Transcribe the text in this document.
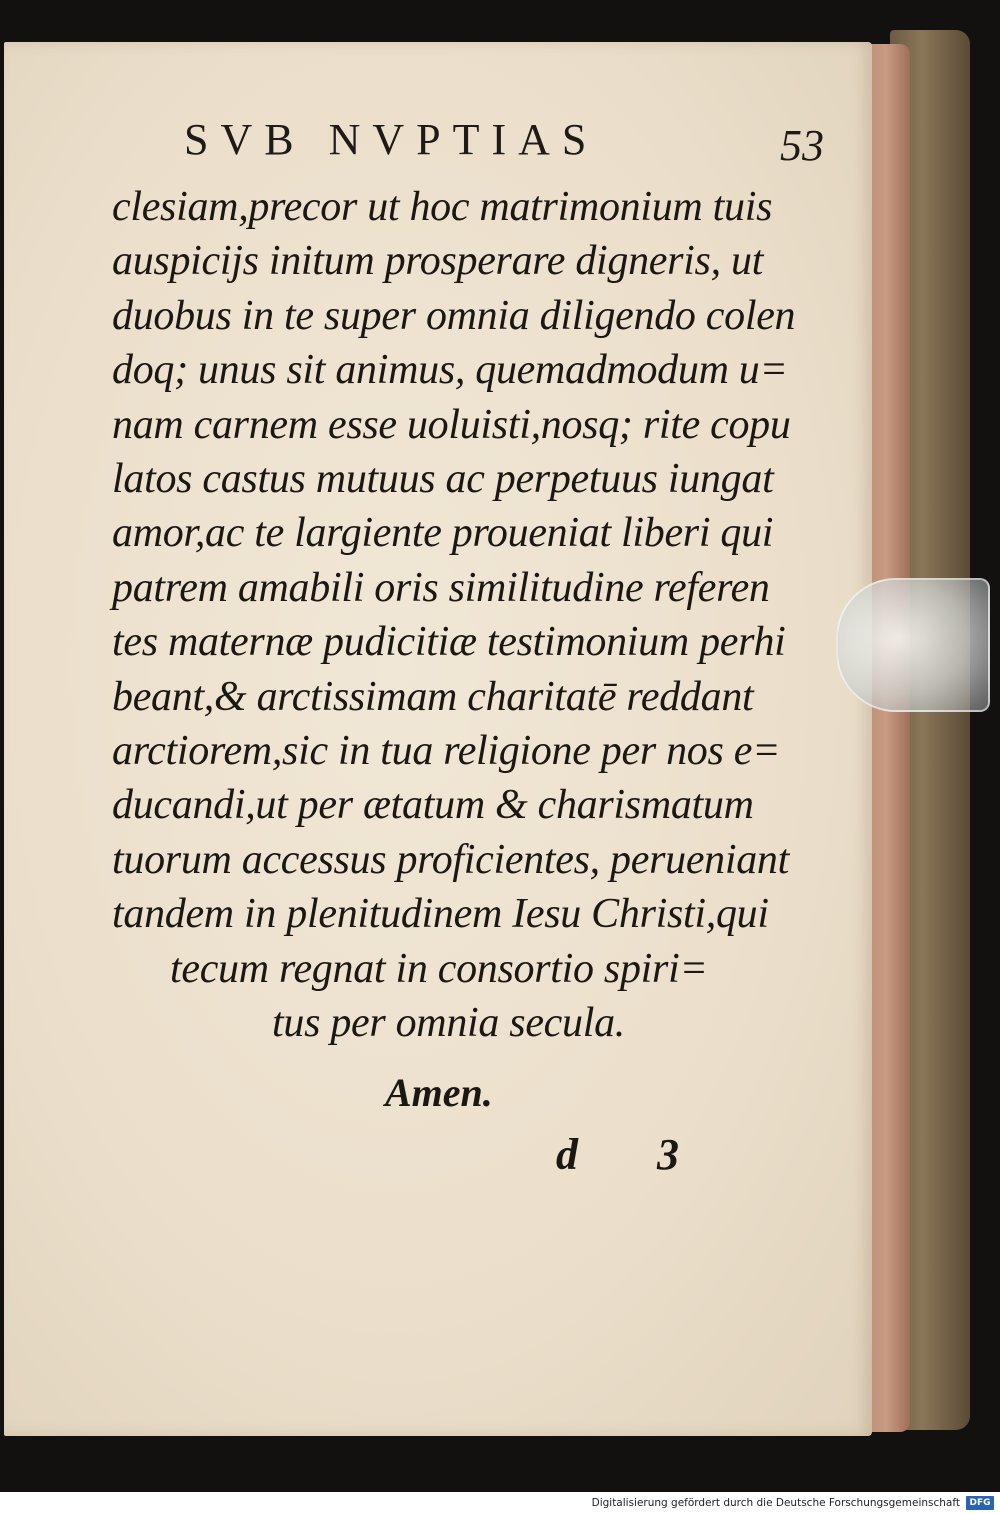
SVB NVPTIAS	53
clesiam,precor ut hoc matrimonium tuis
auspicijs initum prosperare digneris, ut
duobus in te super omnia diligendo colen
doq; unus sit animus, quemadmodum u=
nam carnem esse uoluisti,nosq; rite copu
latos castus mutuus ac perpetuus iungat
amor,ac te largiente proueniat liberi qui
patrem amabili oris similitudine referen
tes maternæ pudicitiæ testimonium perhi
beant,& arctissimam charitatē reddant
arctiorem,sic in tua religione per nos e=
ducandi,ut per ætatum & charismatum
tuorum accessus proficientes, perueniant
tandem in plenitudinem Iesu Christi,qui
tecum regnat in consortio spiri=
tus per omnia secula.
Amen.
d 3
Digitalisierung gefördert durch die Deutsche Forschungsgemeinschaft	DFG
